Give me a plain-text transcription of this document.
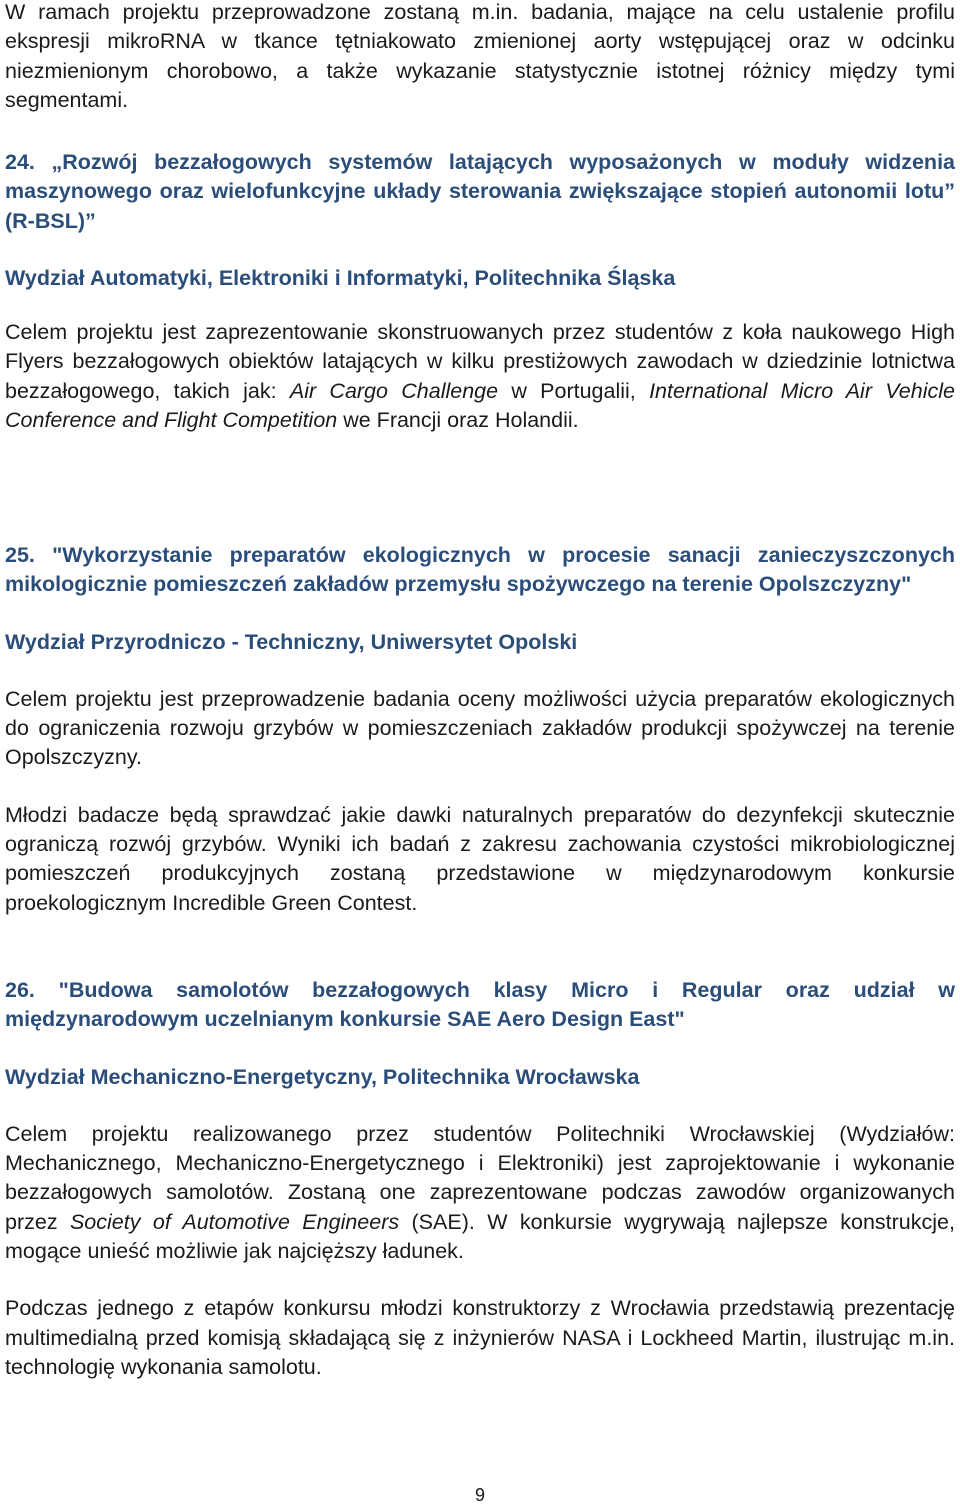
W ramach projektu przeprowadzone zostaną m.in. badania, mające na celu ustalenie profilu ekspresji mikroRNA w tkance tętniakowato zmienionej aorty wstępującej oraz w odcinku niezmienionym chorobowo, a także wykazanie statystycznie istotnej różnicy między tymi segmentami.

24. „Rozwój bezzałogowych systemów latających wyposażonych w moduły widzenia maszynowego oraz wielofunkcyjne układy sterowania zwiększające stopień autonomii lotu” (R-BSL)”

Wydział Automatyki, Elektroniki i Informatyki, Politechnika Śląska

Celem projektu jest zaprezentowanie skonstruowanych przez studentów z koła naukowego High Flyers bezzałogowych obiektów latających w kilku prestiżowych zawodach w dziedzinie lotnictwa bezzałogowego, takich jak: Air Cargo Challenge w Portugalii, International Micro Air Vehicle Conference and Flight Competition we Francji oraz Holandii.

25. "Wykorzystanie preparatów ekologicznych w procesie sanacji zanieczyszczonych mikologicznie pomieszczeń zakładów przemysłu spożywczego na terenie Opolszczyzny"

Wydział Przyrodniczo - Techniczny, Uniwersytet Opolski

Celem projektu jest przeprowadzenie badania oceny możliwości użycia preparatów ekologicznych do ograniczenia rozwoju grzybów w pomieszczeniach zakładów produkcji spożywczej na terenie Opolszczyzny.

Młodzi badacze będą sprawdzać jakie dawki naturalnych preparatów do dezynfekcji skutecznie ograniczą rozwój grzybów. Wyniki ich badań z zakresu zachowania czystości mikrobiologicznej pomieszczeń produkcyjnych zostaną przedstawione w międzynarodowym konkursie proekologicznym Incredible Green Contest.

26. "Budowa samolotów bezzałogowych klasy Micro i Regular oraz udział w międzynarodowym uczelnianym konkursie SAE Aero Design East"

Wydział Mechaniczno-Energetyczny, Politechnika Wrocławska

Celem projektu realizowanego przez studentów Politechniki Wrocławskiej (Wydziałów: Mechanicznego, Mechaniczno-Energetycznego i Elektroniki) jest zaprojektowanie i wykonanie bezzałogowych samolotów. Zostaną one zaprezentowane podczas zawodów organizowanych przez Society of Automotive Engineers (SAE). W konkursie wygrywają najlepsze konstrukcje, mogące unieść możliwie jak najcięższy ładunek.

Podczas jednego z etapów konkursu młodzi konstruktorzy z Wrocławia przedstawią prezentację multimedialną przed komisją składającą się z inżynierów NASA i Lockheed Martin, ilustrując m.in. technologię wykonania samolotu.

9
